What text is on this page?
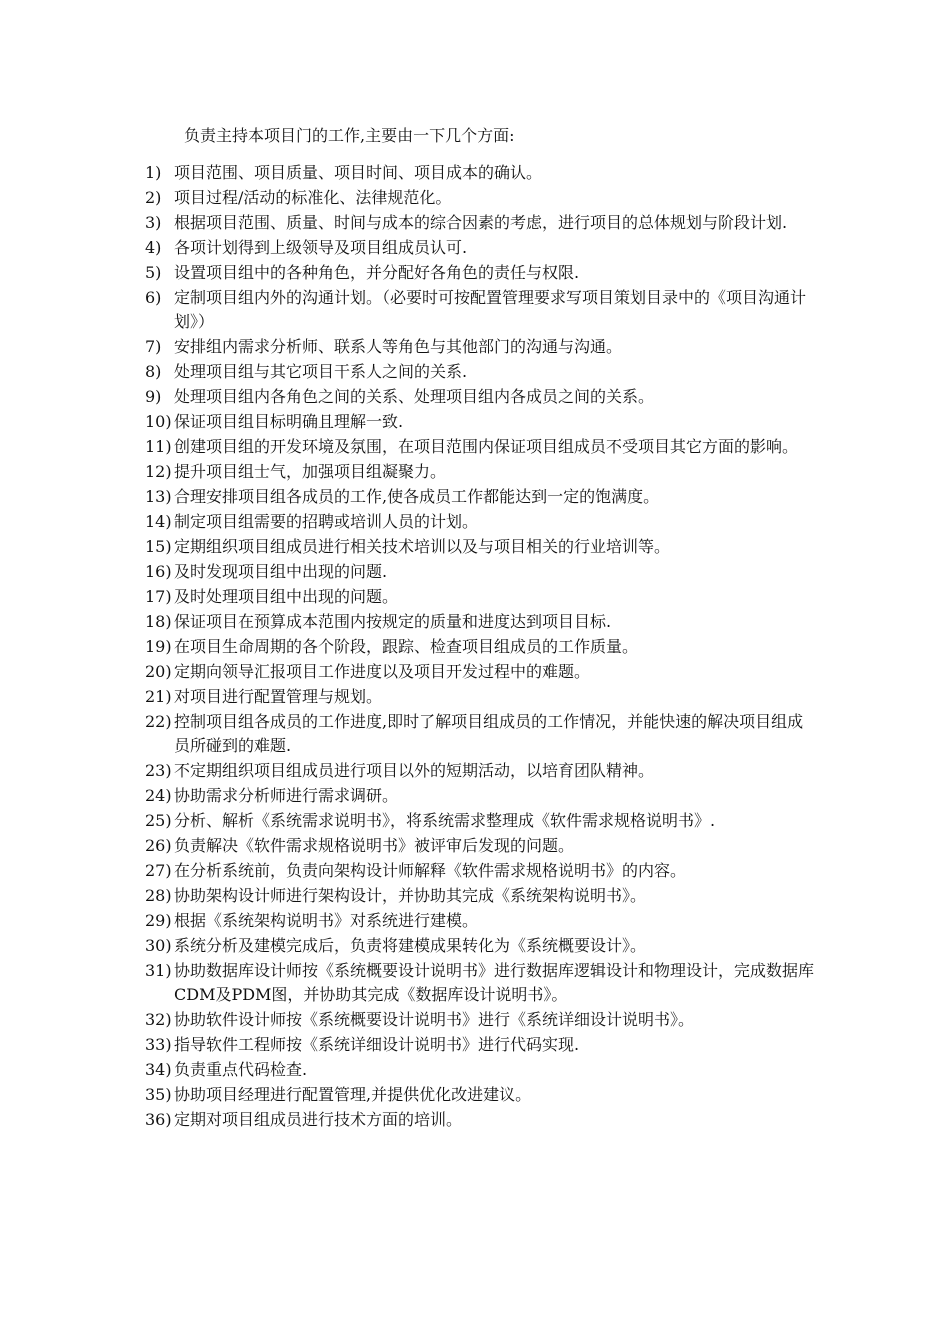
负责主持本项目门的工作,主要由一下几个方面:
1) 项目范围、项目质量、项目时间、项目成本的确认。
2) 项目过程/活动的标准化、法律规范化。
3) 根据项目范围、质量、时间与成本的综合因素的考虑，进行项目的总体规划与阶段计划.
4) 各项计划得到上级领导及项目组成员认可.
5) 设置项目组中的各种角色，并分配好各角色的责任与权限.
6) 定制项目组内外的沟通计划。（必要时可按配置管理要求写项目策划目录中的《项目沟通计划》）
7) 安排组内需求分析师、联系人等角色与其他部门的沟通与沟通。
8) 处理项目组与其它项目干系人之间的关系.
9) 处理项目组内各角色之间的关系、处理项目组内各成员之间的关系。
10) 保证项目组目标明确且理解一致.
11) 创建项目组的开发环境及氛围，在项目范围内保证项目组成员不受项目其它方面的影响。
12) 提升项目组士气，加强项目组凝聚力。
13) 合理安排项目组各成员的工作,使各成员工作都能达到一定的饱满度。
14) 制定项目组需要的招聘或培训人员的计划。
15) 定期组织项目组成员进行相关技术培训以及与项目相关的行业培训等。
16) 及时发现项目组中出现的问题.
17) 及时处理项目组中出现的问题。
18) 保证项目在预算成本范围内按规定的质量和进度达到项目目标.
19) 在项目生命周期的各个阶段，跟踪、检查项目组成员的工作质量。
20) 定期向领导汇报项目工作进度以及项目开发过程中的难题。
21) 对项目进行配置管理与规划。
22) 控制项目组各成员的工作进度,即时了解项目组成员的工作情况，并能快速的解决项目组成员所碰到的难题.
23) 不定期组织项目组成员进行项目以外的短期活动，以培育团队精神。
24) 协助需求分析师进行需求调研。
25) 分析、解析《系统需求说明书》，将系统需求整理成《软件需求规格说明书》.
26) 负责解决《软件需求规格说明书》被评审后发现的问题。
27) 在分析系统前，负责向架构设计师解释《软件需求规格说明书》的内容。
28) 协助架构设计师进行架构设计，并协助其完成《系统架构说明书》。
29) 根据《系统架构说明书》对系统进行建模。
30) 系统分析及建模完成后，负责将建模成果转化为《系统概要设计》。
31) 协助数据库设计师按《系统概要设计说明书》进行数据库逻辑设计和物理设计，完成数据库CDM及PDM图，并协助其完成《数据库设计说明书》。
32) 协助软件设计师按《系统概要设计说明书》进行《系统详细设计说明书》。
33) 指导软件工程师按《系统详细设计说明书》进行代码实现.
34) 负责重点代码检查.
35) 协助项目经理进行配置管理,并提供优化改进建议。
36) 定期对项目组成员进行技术方面的培训。
